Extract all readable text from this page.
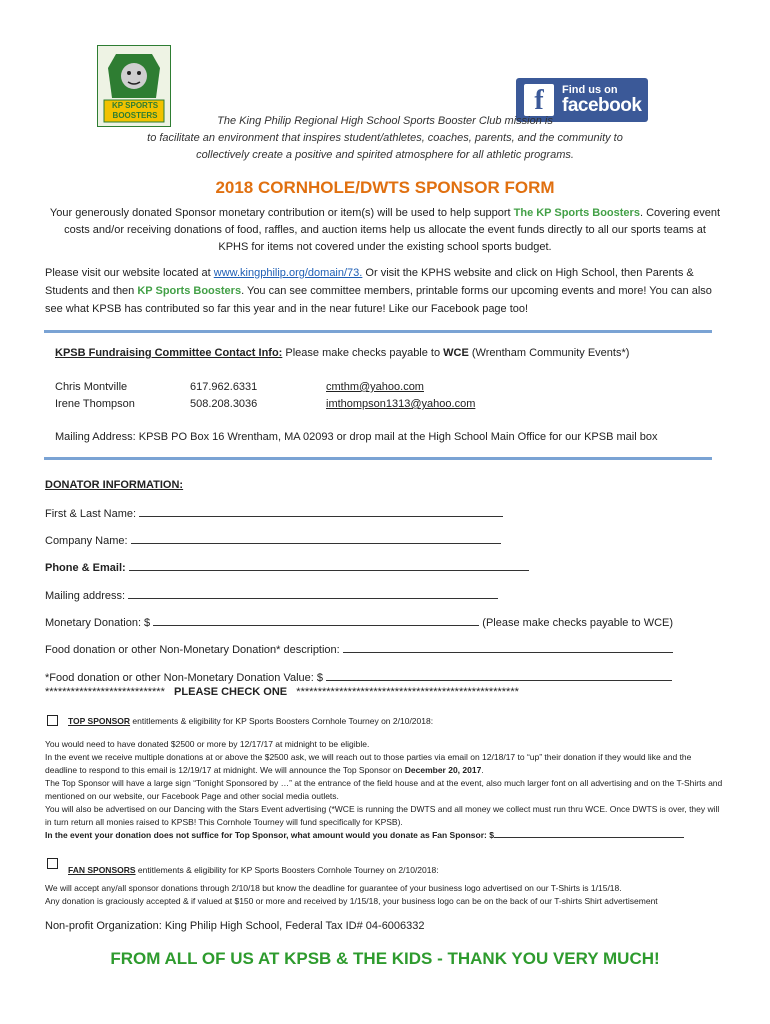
KP SPORTS BOOSTERS	f	Find us on
facebook
The King Philip Regional High School Sports Booster Club mission is
to facilitate an environment that inspires student/athletes, coaches, parents, and the community to
collectively create a positive and spirited atmosphere for all athletic programs.
2018 CORNHOLE/DWTS SPONSOR FORM
Your generously donated Sponsor monetary contribution or item(s) will be used to help support The KP Sports Boosters. Covering event costs and/or receiving donations of food, raffles, and auction items help us allocate the event funds directly to all our sports teams at KPHS for items not covered under the existing school sports budget.
Please visit our website located at www.kingphilip.org/domain/73. Or visit the KPHS website and click on High School, then Parents & Students and then KP Sports Boosters. You can see committee members, printable forms our upcoming events and more! You can also see what KPSB has contributed so far this year and in the near future! Like our Facebook page too!
KPSB Fundraising Committee Contact Info: Please make checks payable to WCE (Wrentham Community Events*)
Chris Montville	617.962.6331	cmthm@yahoo.com
Irene Thompson	508.208.3036	imthompson1313@yahoo.com
Mailing Address: KPSB PO Box 16 Wrentham, MA 02093 or drop mail at the High School Main Office for our KPSB mail box
DONATOR INFORMATION:
First & Last Name:
Company Name:
Phone & Email:
Mailing address:
Monetary Donation: $	(Please make checks payable to WCE)
Food donation or other Non-Monetary Donation* description:
*Food donation or other Non-Monetary Donation Value: $
**************************** PLEASE CHECK ONE ****************************************************
TOP SPONSOR entitlements & eligibility for KP Sports Boosters Cornhole Tourney on 2/10/2018:
You would need to have donated $2500 or more by 12/17/17 at midnight to be eligible.
In the event we receive multiple donations at or above the $2500 ask, we will reach out to those parties via email on 12/18/17 to “up” their donation if they would like and the deadline to respond to this email is 12/19/17 at midnight. We will announce the Top Sponsor on December 20, 2017.
The Top Sponsor will have a large sign “Tonight Sponsored by …” at the entrance of the field house and at the event, also much larger font on all advertising and on the T-Shirts and mentioned on our website, our Facebook Page and other social media outlets.
You will also be advertised on our Dancing with the Stars Event advertising (*WCE is running the DWTS and all money we collect must run thru WCE. Once DWTS is over, they will in turn return all monies raised to KPSB! This Cornhole Tourney will fund specifically for KPSB).
In the event your donation does not suffice for Top Sponsor, what amount would you donate as Fan Sponsor: $
FAN SPONSORS entitlements & eligibility for KP Sports Boosters Cornhole Tourney on 2/10/2018:
We will accept any/all sponsor donations through 2/10/18 but know the deadline for guarantee of your business logo advertised on our T-Shirts is 1/15/18.
Any donation is graciously accepted & if valued at $150 or more and received by 1/15/18, your business logo can be on the back of our T-shirts Shirt advertisement
Non-profit Organization: King Philip High School, Federal Tax ID# 04-6006332
FROM ALL OF US AT KPSB & THE KIDS - THANK YOU VERY MUCH!
